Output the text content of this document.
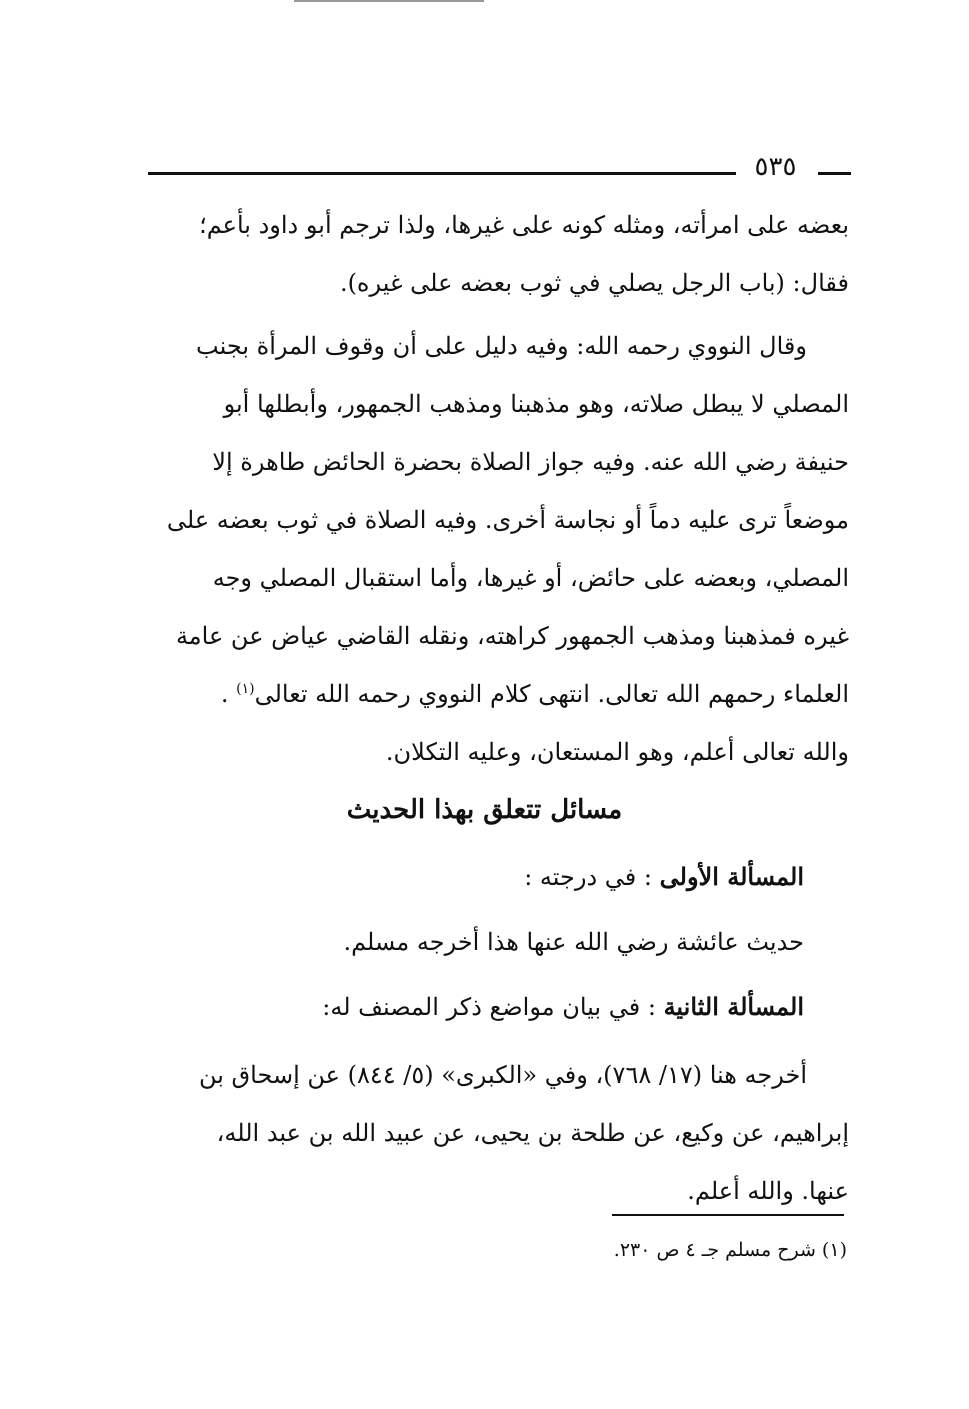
٥٣٥
بعضه على امرأته، ومثله كونه على غيرها، ولذا ترجم أبو داود بأعم؛
فقال: (باب الرجل يصلي في ثوب بعضه على غيره).
وقال النووي رحمه الله: وفيه دليل على أن وقوف المرأة بجنب
المصلي لا يبطل صلاته، وهو مذهبنا ومذهب الجمهور، وأبطلها أبو
حنيفة رضي الله عنه. وفيه جواز الصلاة بحضرة الحائض طاهرة إلا
موضعاً ترى عليه دماً أو نجاسة أخرى. وفيه الصلاة في ثوب بعضه على
المصلي، وبعضه على حائض، أو غيرها، وأما استقبال المصلي وجه
غيره فمذهبنا ومذهب الجمهور كراهته، ونقله القاضي عياض عن عامة
العلماء رحمهم الله تعالى. انتهى كلام النووي رحمه الله تعالى$^{(١)}$ .
والله تعالى أعلم، وهو المستعان، وعليه التكلان.
مسائل تتعلق بهذا الحديث
المسألة الأولى : في درجته :
حديث عائشة رضي الله عنها هذا أخرجه مسلم.
المسألة الثانية : في بيان مواضع ذكر المصنف له:
أخرجه هنا (١٧/ ٧٦٨)، وفي «الكبرى» (٥/ ٨٤٤) عن إسحاق بن
إبراهيم، عن وكيع، عن طلحة بن يحيى، عن عبيد الله بن عبد الله،
عنها. والله أعلم.
(١) شرح مسلم جـ ٤ ص ٢٣٠.
